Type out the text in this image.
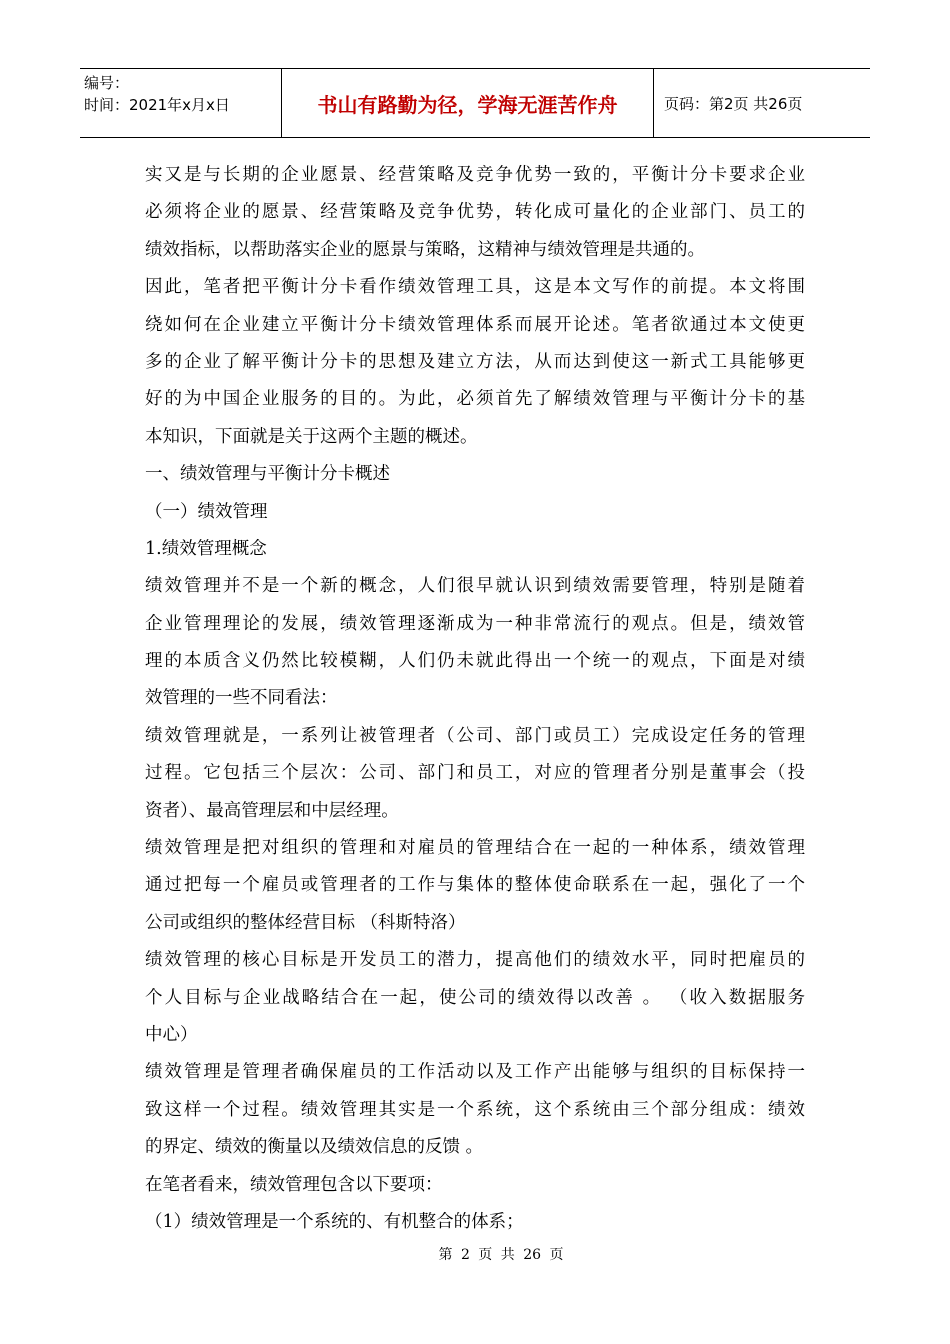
编号：
时间：2021年x月x日	书山有路勤为径，学海无涯苦作舟	页码：第2页 共26页
实又是与长期的企业愿景、经营策略及竞争优势一致的，平衡计分卡要求企业
必须将企业的愿景、经营策略及竞争优势，转化成可量化的企业部门、员工的
绩效指标，以帮助落实企业的愿景与策略，这精神与绩效管理是共通的。
因此，笔者把平衡计分卡看作绩效管理工具，这是本文写作的前提。本文将围
绕如何在企业建立平衡计分卡绩效管理体系而展开论述。笔者欲通过本文使更
多的企业了解平衡计分卡的思想及建立方法，从而达到使这一新式工具能够更
好的为中国企业服务的目的。为此，必须首先了解绩效管理与平衡计分卡的基
本知识，下面就是关于这两个主题的概述。
一、绩效管理与平衡计分卡概述
（一）绩效管理
1.绩效管理概念
绩效管理并不是一个新的概念，人们很早就认识到绩效需要管理，特别是随着
企业管理理论的发展，绩效管理逐渐成为一种非常流行的观点。但是，绩效管
理的本质含义仍然比较模糊，人们仍未就此得出一个统一的观点，下面是对绩
效管理的一些不同看法：
绩效管理就是，一系列让被管理者（公司、部门或员工）完成设定任务的管理
过程。它包括三个层次：公司、部门和员工，对应的管理者分别是董事会（投
资者）、最高管理层和中层经理。
绩效管理是把对组织的管理和对雇员的管理结合在一起的一种体系，绩效管理
通过把每一个雇员或管理者的工作与集体的整体使命联系在一起，强化了一个
公司或组织的整体经营目标 （科斯特洛）
绩效管理的核心目标是开发员工的潜力，提高他们的绩效水平，同时把雇员的
个人目标与企业战略结合在一起，使公司的绩效得以改善 。 （收入数据服务
中心）
绩效管理是管理者确保雇员的工作活动以及工作产出能够与组织的目标保持一
致这样一个过程。绩效管理其实是一个系统，这个系统由三个部分组成：绩效
的界定、绩效的衡量以及绩效信息的反馈 。
在笔者看来，绩效管理包含以下要项：
（1）绩效管理是一个系统的、有机整合的体系；
第 2 页 共 26 页
